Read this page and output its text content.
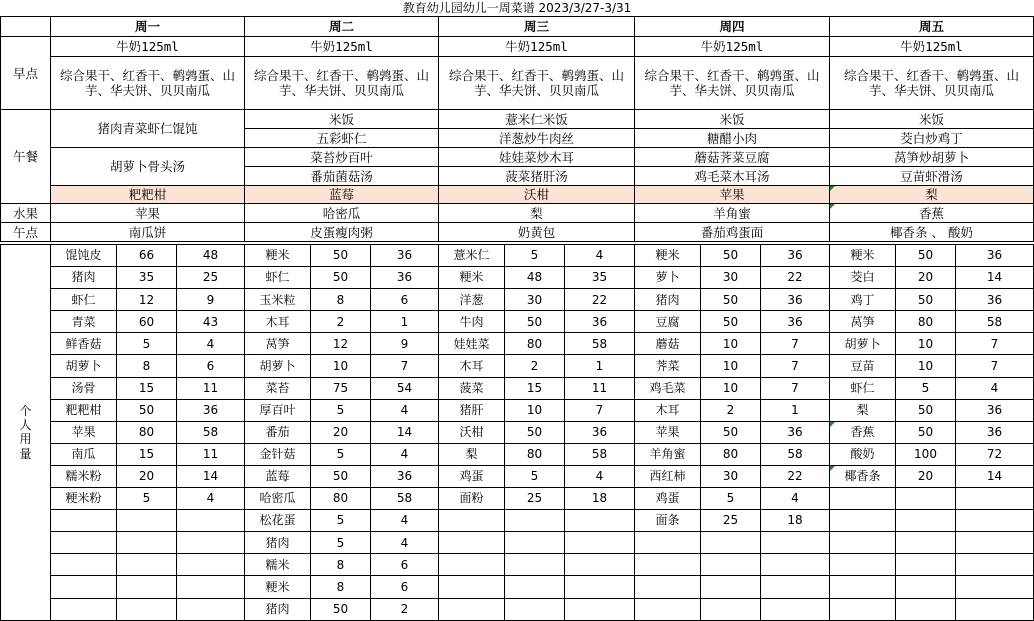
教育幼儿园幼儿一周菜谱 2023/3/27-3/31
	周一	周二	周三	周四	周五
早点	牛奶125ml	牛奶125ml	牛奶125ml	牛奶125ml	牛奶125ml
	综合果干、红香干、鹌鹑蛋、山芋、华夫饼、贝贝南瓜	综合果干、红香干、鹌鹑蛋、山芋、华夫饼、贝贝南瓜	综合果干、红香干、鹌鹑蛋、山芋、华夫饼、贝贝南瓜	综合果干、红香干、鹌鹑蛋、山芋、华夫饼、贝贝南瓜	综合果干、红香干、鹌鹑蛋、山芋、华夫饼、贝贝南瓜
午餐	猪肉青菜虾仁馄饨	米饭	薏米仁米饭	米饭	米饭
		五彩虾仁	洋葱炒牛肉丝	糖醋小肉	茭白炒鸡丁
	胡萝卜骨头汤	菜苔炒百叶	娃娃菜炒木耳	蘑菇荠菜豆腐	莴笋炒胡萝卜
		番茄菌菇汤	菠菜猪肝汤	鸡毛菜木耳汤	豆苗虾滑汤
	粑粑柑	蓝莓	沃柑	苹果	梨
水果	苹果	哈密瓜	梨	羊角蜜	香蕉
午点	南瓜饼	皮蛋瘦肉粥	奶黄包	番茄鸡蛋面	椰香条 、 酸奶
个
人
用
量	馄饨皮	66	48	粳米	50	36	薏米仁	5	4	粳米	50	36	粳米	50	36
	猪肉	35	25	虾仁	50	36	粳米	48	35	萝卜	30	22	茭白	20	14
	虾仁	12	9	玉米粒	8	6	洋葱	30	22	猪肉	50	36	鸡丁	50	36
	青菜	60	43	木耳	2	1	牛肉	50	36	豆腐	50	36	莴笋	80	58
	鲜香菇	5	4	莴笋	12	9	娃娃菜	80	58	蘑菇	10	7	胡萝卜	10	7
	胡萝卜	8	6	胡萝卜	10	7	木耳	2	1	荠菜	10	7	豆苗	10	7
	汤骨	15	11	菜苔	75	54	菠菜	15	11	鸡毛菜	10	7	虾仁	5	4
	粑粑柑	50	36	厚百叶	5	4	猪肝	10	7	木耳	2	1	梨	50	36
	苹果	80	58	番茄	20	14	沃柑	50	36	苹果	50	36	香蕉	50	36
	南瓜	15	11	金针菇	5	4	梨	80	58	羊角蜜	80	58	酸奶	100	72
	糯米粉	20	14	蓝莓	50	36	鸡蛋	5	4	西红柿	30	22	椰香条	20	14
	粳米粉	5	4	哈密瓜	80	58	面粉	25	18	鸡蛋	5	4			
				松花蛋	5	4				面条	25	18			
				猪肉	5	4									
				糯米	8	6									
				粳米	8	6									
				猪肉	50	2									
